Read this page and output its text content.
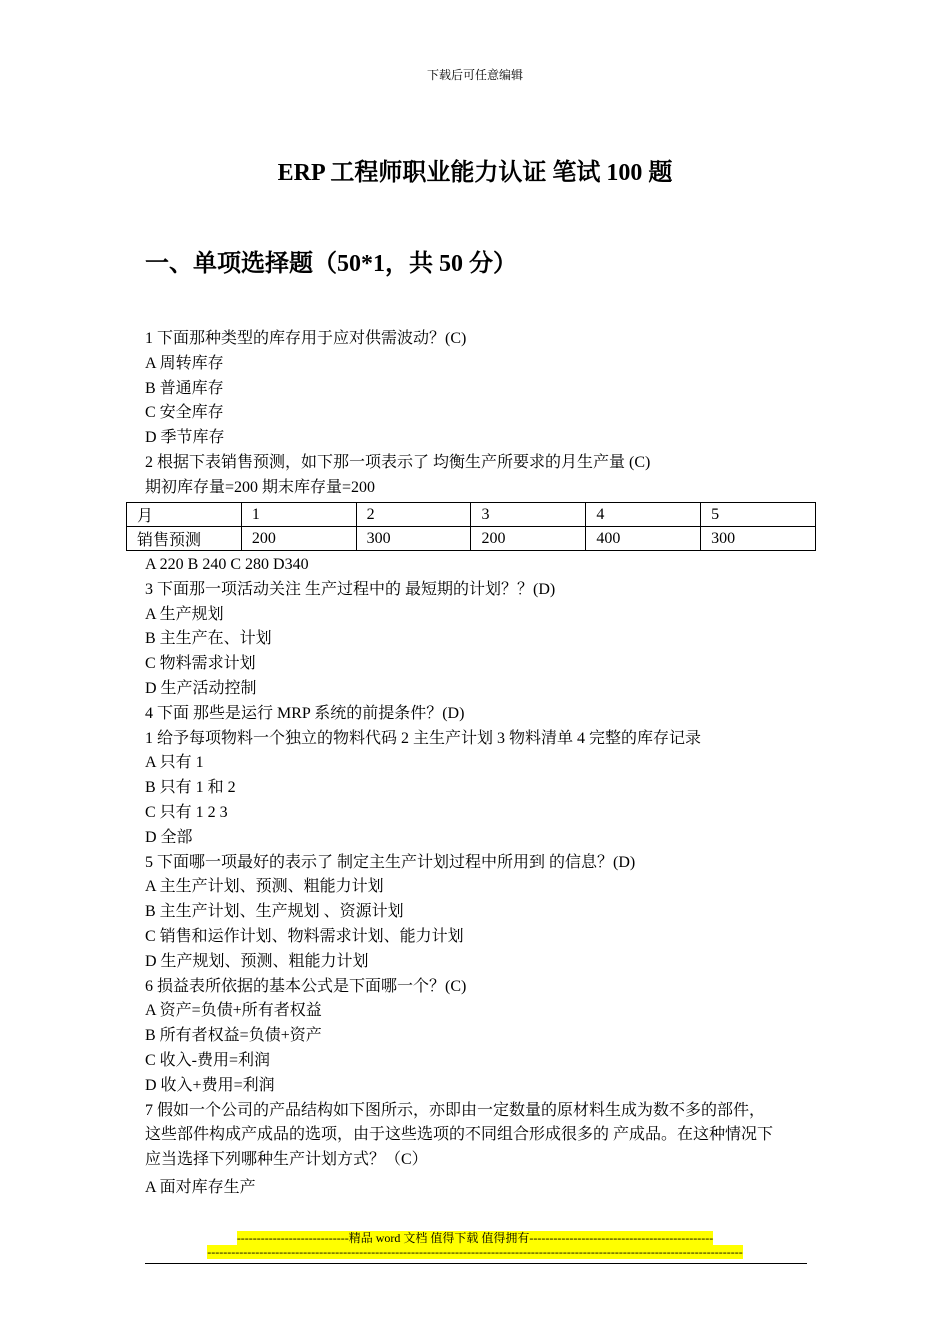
下载后可任意编辑
ERP 工程师职业能力认证 笔试 100 题
一、单项选择题（50*1，共 50 分）
1 下面那种类型的库存用于应对供需波动？(C)
A 周转库存
B 普通库存
C 安全库存
D 季节库存
2 根据下表销售预测，如下那一项表示了 均衡生产所要求的月生产量 (C)
期初库存量=200 期末库存量=200
月	1	2	3	4	5
销售预测	200	300	200	400	300
A 220 B 240 C 280 D340
3 下面那一项活动关注 生产过程中的 最短期的计划？？(D)
A 生产规划
B 主生产在、计划
C 物料需求计划
D 生产活动控制
4 下面 那些是运行 MRP 系统的前提条件？(D)
1 给予每项物料一个独立的物料代码 2 主生产计划 3 物料清单 4 完整的库存记录
A 只有 1
B 只有 1 和 2
C 只有 1 2 3
D 全部
5 下面哪一项最好的表示了 制定主生产计划过程中所用到 的信息？(D)
A 主生产计划、预测、粗能力计划
B 主生产计划、生产规划 、资源计划
C 销售和运作计划、物料需求计划、能力计划
D 生产规划、预测、粗能力计划
6 损益表所依据的基本公式是下面哪一个？(C)
A 资产=负债+所有者权益
B 所有者权益=负债+资产
C 收入-费用=利润
D 收入+费用=利润
7 假如一个公司的产品结构如下图所示，亦即由一定数量的原材料生成为数不多的部件，
这些部件构成产成品的选项，由于这些选项的不同组合形成很多的 产成品。在这种情况下
应当选择下列哪种生产计划方式？（C）
A 面对库存生产
----------------------------精品 word 文档 值得下载 值得拥有----------------------------------------------
--------------------------------------------------------------------------------------------------------------------------------------
